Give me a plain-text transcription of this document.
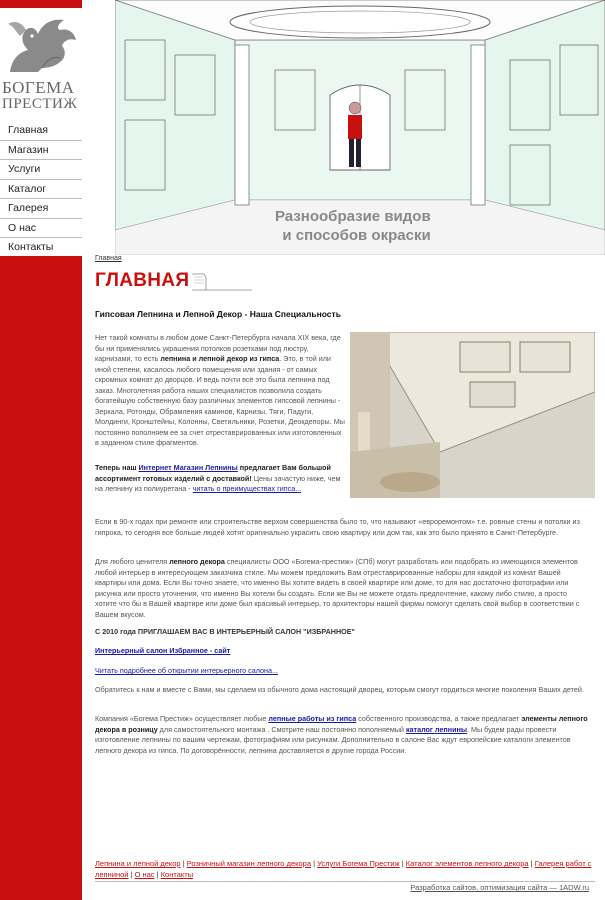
БОГЕМА
ПРЕСТИЖ
Главная
Магазин
Услуги
Каталог
Галерея
О нас
Контакты
Разнообразие видов
и способов окраски
Главная
ГЛАВНАЯ
Гипсовая Лепнина и Лепной Декор - Наша Специальность

Нет такой комнаты в любом доме Санкт-Петербурга начала XIX века, где бы ни применялись украшения потолков розетками под люстру, карнизами, то есть лепнина и лепной декор из гипса. Это, в той или иной степени, касалось любого помещения или здания - от самых скромных комнат до дворцов. И ведь почти всё это была лепнина под заказ. Многолетняя работа наших специалистов позволила создать богатейшую собственную базу различных элементов гипсовой лепнины - Зеркала, Ротонды, Обрамления каминов, Карнизы, Тяги, Падуги, Молдинги, Кронштейны, Колонны, Светильники, Розетки, Деокдепоры. Мы постоянно пополняем ее за счет отреставрированных или изготовленных в заданном стиле фрагментов.

Теперь наш Интернет Магазин Лепнины предлагает Вам большой ассортимент готовых изделий с доставкой! Цены зачастую ниже, чем на лепнину из полиуретана - читать о преимуществах гипса...

Если в 90-х годах при ремонте или строительстве верхом совершенства было то, что называют «евроремонтом» т.е. ровные стены и потолки из гипрока, то сегодня все больше людей хотят оригинально украсить свою квартиру или дом так, как это было принято в Санкт-Петербурге.

Для любого ценителя лепного декора специалисты ООО «Богема-престиж» (СПб) могут разработать или подобрать из имеющихся элементов любой интерьер в интересующем заказчика стиле. Мы можем предложить Вам отреставрированные наборы для каждой из комнат Вашей квартиры или дома. Если Вы точно знаете, что именно Вы хотите видеть в своей квартире или доме, то для нас достаточно фотографии или рисунка или просто уточнения, что именно Вы хотели бы создать. Если же Вы не можете отдать предпочтение, какому либо стилю, а просто хотите что бы в Вашей квартире или доме был красивый интерьер, то архитекторы нашей фирмы помогут сделать свой выбор в соответствии с Вашем вкусом.

С 2010 года ПРИГЛАШАЕМ ВАС В ИНТЕРЬЕРНЫЙ САЛОН "ИЗБРАННОЕ"

Интерьерный салон Избранное - сайт

Читать подробнее об открытии интерьерного салона...

Обратитесь к нам и вместе с Вами, мы сделаем из обычного дома настоящий дворец, которым смогут гордиться многие поколения Ваших детей.

Компания «Богема Престиж» осуществляет любые лепные работы из гипса собственного производства, а также предлагает элементы лепного декора в розницу для самостоятельного монтажа . Смотрите наш постоянно пополняемый каталог лепнины. Мы будем рады провести изготовление лепнины по вашим чертежам, фотографиям или рисункам. Дополнительно в салоне Вас ждут европейские каталоги элементов лепного декора из гипса. По договорённости, лепнина доставляется в другие города России.

Лепнина и лепной декор | Розничный магазин лепного декора | Услуги Богема Престиж | Каталог элементов лепного декора | Галерея работ с лепниной | О нас | Контакты
Разработка сайтов, оптимизация сайта — 1ADW.ru
